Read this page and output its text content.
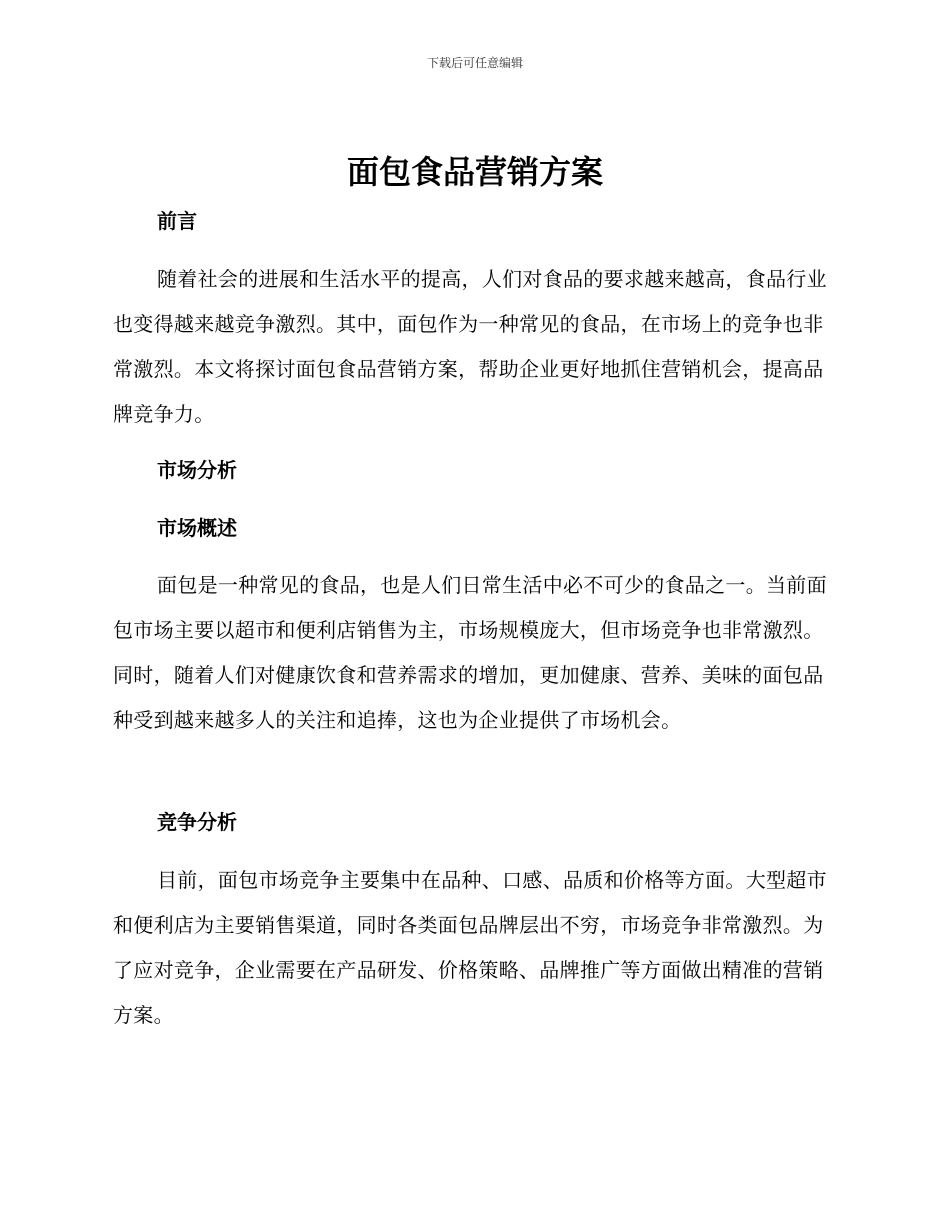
下载后可任意编辑
面包食品营销方案
前言

随着社会的进展和生活水平的提高，人们对食品的要求越来越高，食品行业也变得越来越竞争激烈。其中，面包作为一种常见的食品，在市场上的竞争也非常激烈。本文将探讨面包食品营销方案，帮助企业更好地抓住营销机会，提高品牌竞争力。

市场分析
市场概述

面包是一种常见的食品，也是人们日常生活中必不可少的食品之一。当前面包市场主要以超市和便利店销售为主，市场规模庞大，但市场竞争也非常激烈。同时，随着人们对健康饮食和营养需求的增加，更加健康、营养、美味的面包品种受到越来越多人的关注和追捧，这也为企业提供了市场机会。

竞争分析

目前，面包市场竞争主要集中在品种、口感、品质和价格等方面。大型超市和便利店为主要销售渠道，同时各类面包品牌层出不穷，市场竞争非常激烈。为了应对竞争，企业需要在产品研发、价格策略、品牌推广等方面做出精准的营销方案。
